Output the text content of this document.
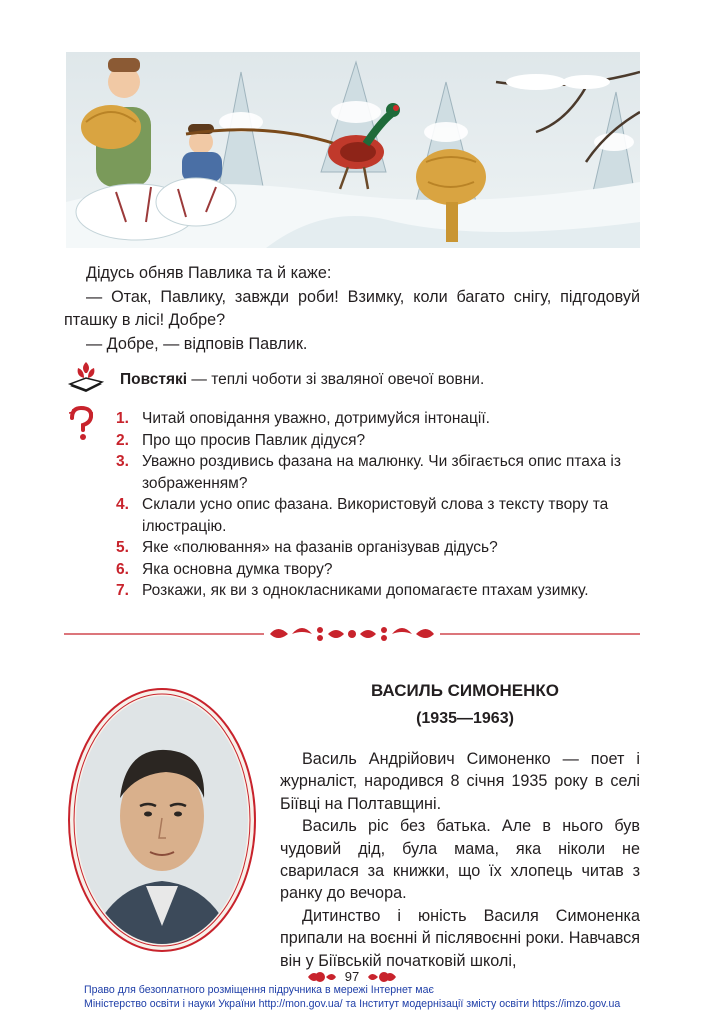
Дідусь обняв Павлика та й каже:

— Отак, Павлику, завжди роби! Взимку, коли багато снігу, підгодовуй пташку в лісі! Добре?

— Добре, — відповів Павлик.

Повстякі — теплі чоботи зі зваляної овечої вовни.
1. Читай оповідання уважно, дотримуйся інтонації.
2. Про що просив Павлик дідуся?
3. Уважно роздивись фазана на малюнку. Чи збігається опис птаха із зображенням?
4. Склали усно опис фазана. Використовуй слова з тексту твору та ілюстрацію.
5. Яке «полювання» на фазанів організував дідусь?
6. Яка основна думка твору?
7. Розкажи, як ви з однокласниками допомагаєте птахам узимку.
ВАСИЛЬ СИМОНЕНКО
(1935—1963)

Василь Андрійович Симоненко — поет і журналіст, народився 8 січня 1935 року в селі Біївці на Полтавщині.

Василь ріс без батька. Але в нього був чудовий дід, була мама, яка ніколи не сварилася за книжки, що їх хлопець читав з ранку до вечора.

Дитинство і юність Василя Симоненка припали на воєнні й післявоєнні роки. Навчався він у Біївській початковій школі,

97
Право для безоплатного розміщення підручника в мережі Інтернет має
Міністерство освіти і науки України http://mon.gov.ua/ та Інститут модернізації змісту освіти https://imzo.gov.ua
